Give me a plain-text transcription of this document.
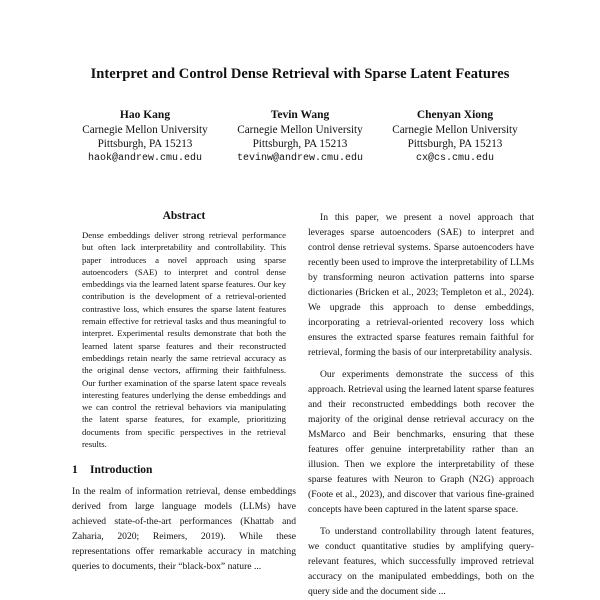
Interpret and Control Dense Retrieval with Sparse Latent Features
Hao Kang
Carnegie Mellon University
Pittsburgh, PA 15213
haok@andrew.cmu.edu
Tevin Wang
Carnegie Mellon University
Pittsburgh, PA 15213
tevinw@andrew.cmu.edu
Chenyan Xiong
Carnegie Mellon University
Pittsburgh, PA 15213
cx@cs.cmu.edu
Abstract

Dense embeddings deliver strong retrieval performance but often lack interpretability and controllability. This paper introduces a novel approach using sparse autoencoders (SAE) to interpret and control dense embeddings via the learned latent sparse features. Our key contribution is the development of a retrieval-oriented contrastive loss, which ensures the sparse latent features remain effective for retrieval tasks and thus meaningful to interpret. Experimental results demonstrate that both the learned latent sparse features and their reconstructed embeddings retain nearly the same retrieval accuracy as the original dense vectors, affirming their faithfulness. Our further examination of the sparse latent space reveals interesting features underlying the dense embeddings and we can control the retrieval behaviors via manipulating the latent sparse features, for example, prioritizing documents from specific perspectives in the retrieval results.

1 Introduction

In the realm of information retrieval, dense embeddings derived from large language models (LLMs) have achieved state-of-the-art performances (Khattab and Zaharia, 2020; Reimers, 2019). While these representations offer remarkable accuracy in matching queries to documents, their “black-box” nature ...

In this paper, we present a novel approach that leverages sparse autoencoders (SAE) to interpret and control dense retrieval systems. Sparse autoencoders have recently been used to improve the interpretability of LLMs by transforming neuron activation patterns into sparse dictionaries (Bricken et al., 2023; Templeton et al., 2024). We upgrade this approach to dense embeddings, incorporating a retrieval-oriented recovery loss which ensures the extracted sparse features remain faithful for retrieval, forming the basis of our interpretability analysis.

Our experiments demonstrate the success of this approach. Retrieval using the learned latent sparse features and their reconstructed embeddings both recover the majority of the original dense retrieval accuracy on the MsMarco and Beir benchmarks, ensuring that these features offer genuine interpretability rather than an illusion. Then we explore the interpretability of these sparse features with Neuron to Graph (N2G) approach (Foote et al., 2023), and discover that various fine-grained concepts have been captured in the latent sparse space.

To understand controllability through latent features, we conduct quantitative studies by amplifying query-relevant features, which successfully improved retrieval accuracy on the manipulated embeddings, both on the query side and the document side ...
